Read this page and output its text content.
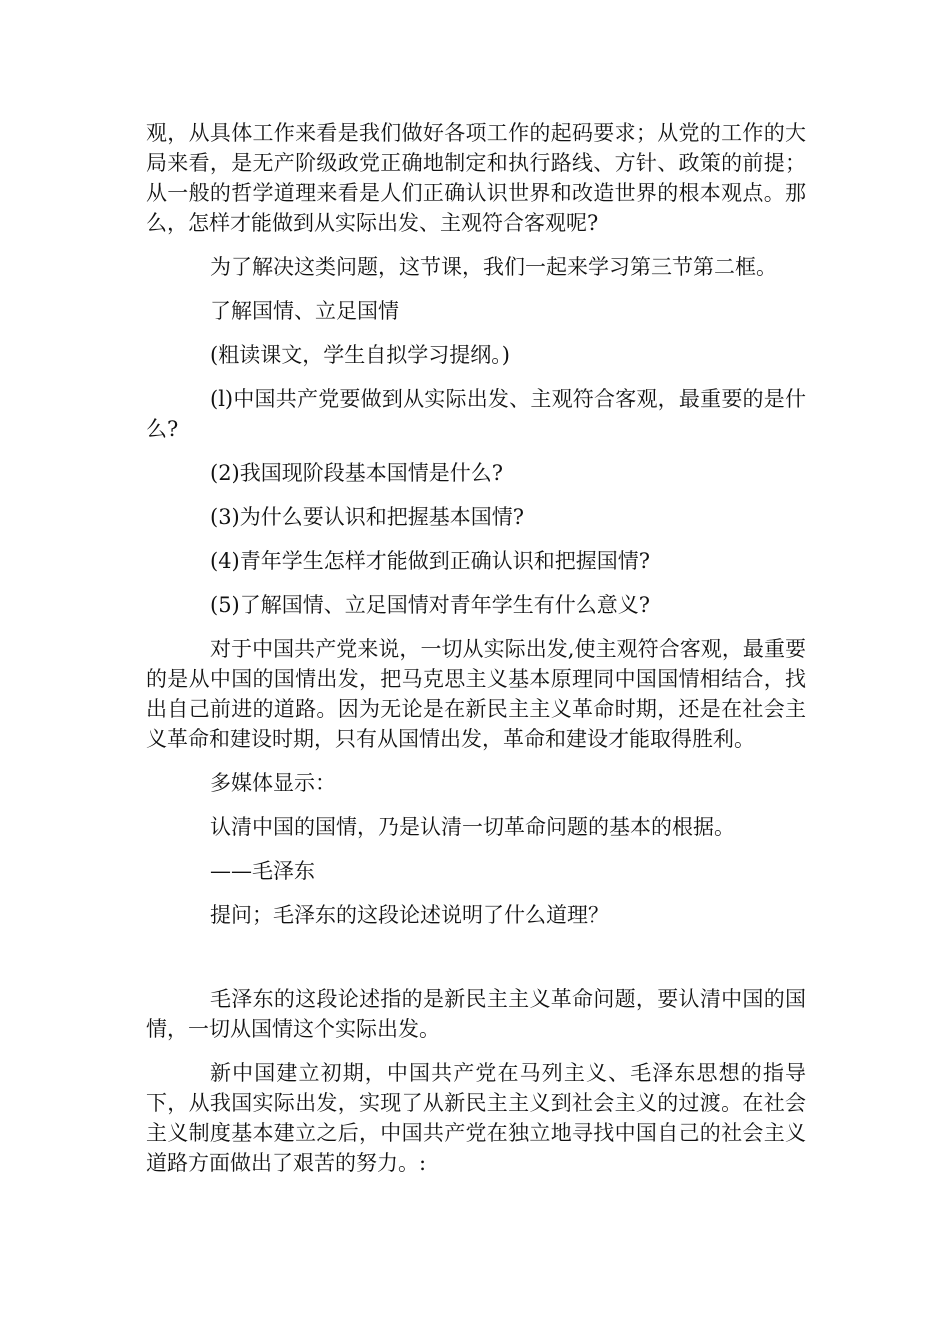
观，从具体工作来看是我们做好各项工作的起码要求；从党的工作的大局来看，是无产阶级政党正确地制定和执行路线、方针、政策的前提；从一般的哲学道理来看是人们正确认识世界和改造世界的根本观点。那么，怎样才能做到从实际出发、主观符合客观呢?

为了解决这类问题，这节课，我们一起来学习第三节第二框。

了解国情、立足国情

(粗读课文，学生自拟学习提纲。)

(l)中国共产党要做到从实际出发、主观符合客观，最重要的是什么?

(2)我国现阶段基本国情是什么?

(3)为什么要认识和把握基本国情?

(4)青年学生怎样才能做到正确认识和把握国情?

(5)了解国情、立足国情对青年学生有什么意义?

对于中国共产党来说，一切从实际出发,使主观符合客观，最重要的是从中国的国情出发，把马克思主义基本原理同中国国情相结合，找出自己前进的道路。因为无论是在新民主主义革命时期，还是在社会主义革命和建设时期，只有从国情出发，革命和建设才能取得胜利。

多媒体显示：

认清中国的国情，乃是认清一切革命问题的基本的根据。

——毛泽东

提问；毛泽东的这段论述说明了什么道理？

毛泽东的这段论述指的是新民主主义革命问题，要认清中国的国情，一切从国情这个实际出发。

新中国建立初期，中国共产党在马列主义、毛泽东思想的指导下，从我国实际出发，实现了从新民主主义到社会主义的过渡。在社会主义制度基本建立之后，中国共产党在独立地寻找中国自己的社会主义道路方面做出了艰苦的努力。:
